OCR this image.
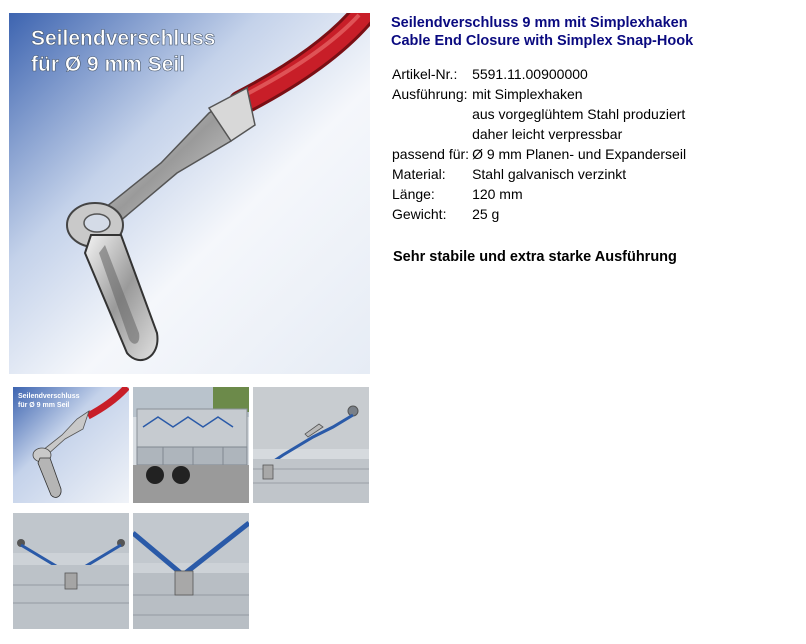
Seilendverschluss
für Ø 9 mm Seil
Seilendverschluss
für Ø 9 mm Seil

Seilendverschluss 9 mm mit Simplexhaken

Cable End Closure with Simplex Snap-Hook

Artikel-Nr.:	5591.11.00900000
Ausführung:	mit Simplexhaken
	aus vorgeglühtem Stahl produziert
	daher leicht verpressbar
passend für:	Ø 9 mm Planen- und Expanderseil
Material:	Stahl galvanisch verzinkt
Länge:	120 mm
Gewicht:	25 g
Sehr stabile und extra starke Ausführung
